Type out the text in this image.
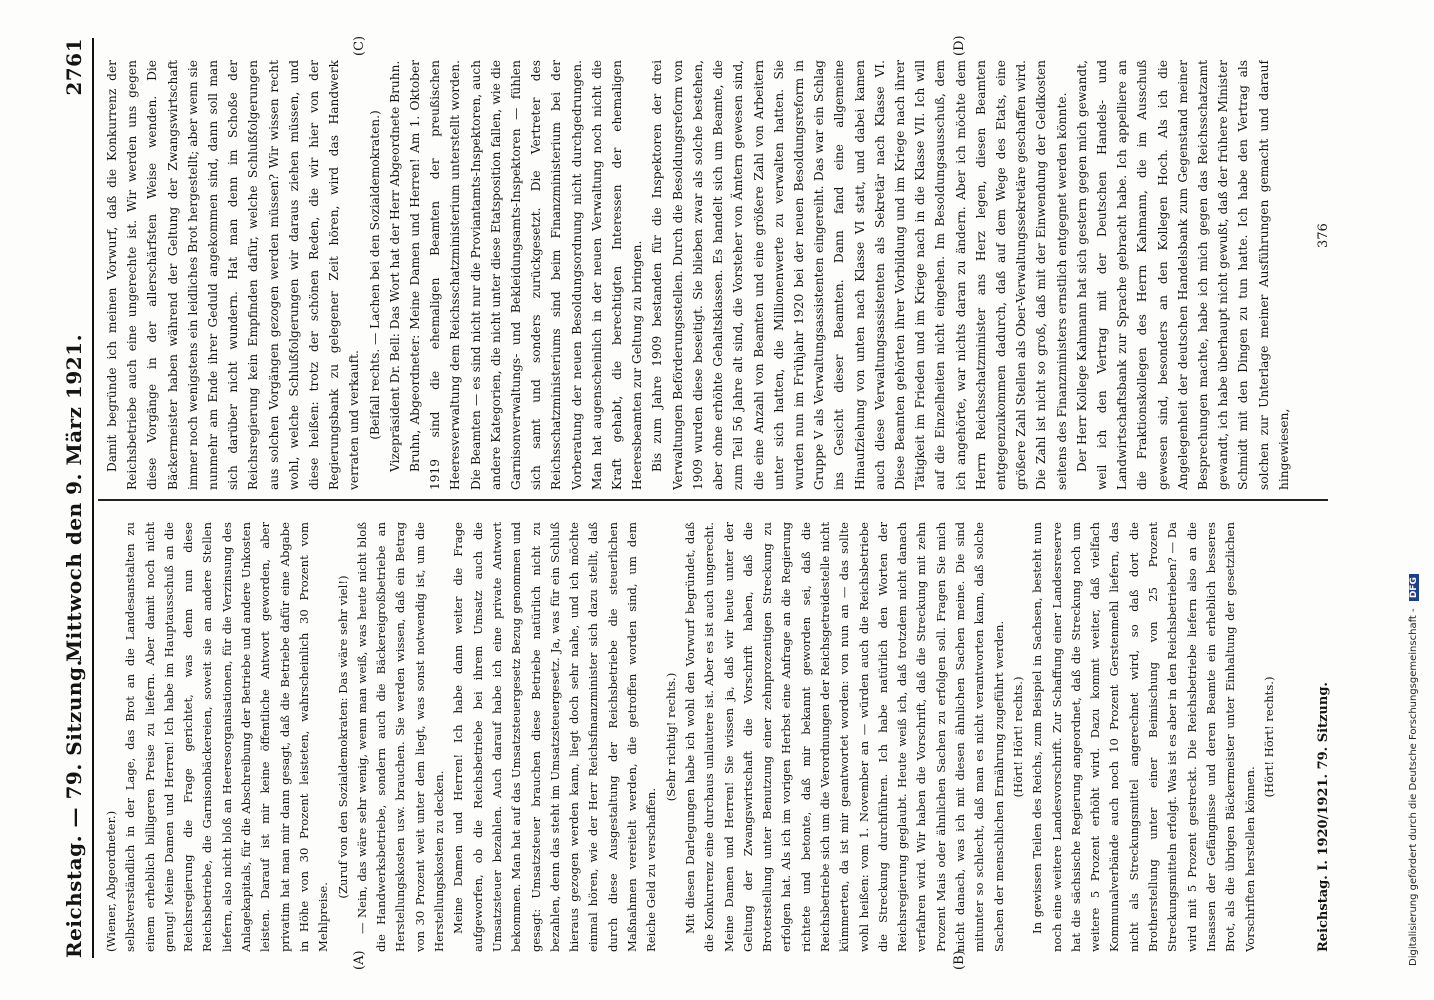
Reichstag. — 79. Sitzung.
Mittwoch den 9. März 1921.
2761
(A)	(B)
(C)	(D)

(Wiener, Abgeordneter.) selbstverständlich in der Lage, das Brot an die Landesanstalten zu einem erheblich billigeren Preise zu liefern. Aber damit noch nicht genug! Meine Damen und Herren! Ich habe im Hauptausschuß an die Reichsregierung die Frage gerichtet, was denn nun diese Reichsbetriebe, die Garnisonbäckereien, soweit sie an andere Stellen liefern, also nicht bloß an Heeresorganisationen, für die Verzinsung des Anlagekapitals, für die Abschreibung der Betriebe und andere Unkosten leisten. Darauf ist mir keine öffentliche Antwort geworden, aber privatim hat man mir dann gesagt, daß die Betriebe dafür eine Abgabe in Höhe von 30 Prozent leisteten, wahrscheinlich 30 Prozent vom Mehlpreise.

(Zuruf von den Sozialdemokraten: Das wäre sehr viel!) — Nein, das wäre sehr wenig, wenn man weiß, was heute nicht bloß die Handwerksbetriebe, sondern auch die Bäckereigroßbetriebe an Herstellungskosten usw. brauchen. Sie werden wissen, daß ein Betrag von 30 Prozent weit unter dem liegt, was sonst notwendig ist, um die Herstellungskosten zu decken. Meine Damen und Herren! Ich habe dann weiter die Frage aufgeworfen, ob die Reichsbetriebe bei ihrem Umsatz auch die Umsatzsteuer bezahlen. Auch darauf habe ich eine private Antwort bekommen. Man hat auf das Umsatzsteuergesetz Bezug genommen und gesagt: Umsatzsteuer brauchen diese Betriebe natürlich nicht zu bezahlen, denn das steht im Umsatzsteuergesetz. Ja, was für ein Schluß hieraus gezogen werden kann, liegt doch sehr nahe, und ich möchte einmal hören, wie der Herr Reichsfinanzminister sich dazu stellt, daß durch diese Ausgestaltung der Reichsbetriebe die steuerlichen Maßnahmen vereitelt werden, die getroffen worden sind, um dem Reiche Geld zu verschaffen.

(Sehr richtig! rechts.) Mit diesen Darlegungen habe ich wohl den Vorwurf begründet, daß die Konkurrenz eine durchaus unlautere ist. Aber es ist auch ungerecht. Meine Damen und Herren! Sie wissen ja, daß wir heute unter der Geltung der Zwangswirtschaft die Vorschrift haben, daß die Broterstellung unter Benutzung einer zehnprozentigen Streckung zu erfolgen hat. Als ich im vorigen Herbst eine Anfrage an die Regierung richtete und betonte, daß mir bekannt geworden sei, daß die Reichsbetriebe sich um die Verordnungen der Reichsgetreidestelle nicht kümmerten, da ist mir geantwortet worden: von nun an — das sollte wohl heißen: vom 1. November an — würden auch die Reichsbetriebe die Streckung durchführen. Ich habe natürlich den Worten der Reichsregierung geglaubt. Heute weiß ich, daß trotzdem nicht danach verfahren wird. Wir haben die Vorschrift, daß die Streckung mit zehn Prozent Mais oder ähnlichen Sachen zu erfolgen soll. Fragen Sie mich nicht danach, was ich mit diesen ähnlichen Sachen meine. Die sind mitunter so schlecht, daß man es nicht verantworten kann, daß solche Sachen der menschlichen Ernährung zugeführt werden. (Hört! Hört! rechts.) In gewissen Teilen des Reichs, zum Beispiel in Sachsen, besteht nun noch eine weitere Landesvorschrift. Zur Schaffung einer Landesreserve hat die sächsische Regierung angeordnet, daß die Streckung noch um weitere 5 Prozent erhöht wird. Dazu kommt weiter, daß vielfach Kommunalverbände auch noch 10 Prozent Gerstenmehl liefern, das nicht als Streckungsmittel angerechnet wird, so daß dort die Brotherstellung unter einer Beimischung von 25 Prozent Streckungsmitteln erfolgt. Was ist es aber in den Reichsbetrieben? — Da wird mit 5 Prozent gestreckt. Die Reichsbetriebe liefern also an die Insassen der Gefängnisse und deren Beamte ein erheblich besseres Brot, als die übrigen Bäckermeister unter Einhaltung der gesetzlichen Vorschriften herstellen können.

(Hört! Hört! rechts.)

Damit begründe ich meinen Vorwurf, daß die Konkurrenz der Reichsbetriebe auch eine ungerechte ist. Wir werden uns gegen diese Vorgänge in der allerschärfsten Weise wenden. Die Bäckermeister haben während der Geltung der Zwangswirtschaft immer noch wenigstens ein leidliches Brot hergestellt; aber wenn sie nunmehr am Ende ihrer Geduld angekommen sind, dann soll man sich darüber nicht wundern. Hat man denn im Schoße der Reichsregierung kein Empfinden dafür, welche Schlußfolgerungen aus solchen Vorgängen gezogen werden müssen? Wir wissen recht wohl, welche Schlußfolgerungen wir daraus ziehen müssen, und diese heißen: trotz der schönen Reden, die wir hier von der Regierungsbank zu gelegener Zeit hören, wird das Handwerk verraten und verkauft. (Beifall rechts. — Lachen bei den Sozialdemokraten.) Vizepräsident Dr. Bell: Das Wort hat der Herr Abgeordnete Bruhn. Bruhn, Abgeordneter: Meine Damen und Herren! Am 1. Oktober 1919 sind die ehemaligen Beamten der preußischen Heeresverwaltung dem Reichsschatzministerium unterstellt worden. Die Beamten — es sind nicht nur die Proviantamts-Inspektoren, auch andere Kategorien, die nicht unter diese Etatsposition fallen, wie die Garnisonverwaltungs- und Bekleidungsamts-Inspektoren — fühlen sich samt und sonders zurückgesetzt. Die Vertreter des Reichsschatzministeriums sind beim Finanzministerium bei der Vorberatung der neuen Besoldungsordnung nicht durchgedrungen. Man hat augenscheinlich in der neuen Verwaltung noch nicht die Kraft gehabt, die berechtigten Interessen der ehemaligen Heeresbeamten zur Geltung zu bringen. Bis zum Jahre 1909 bestanden für die Inspektoren der drei Verwaltungen Beförderungsstellen. Durch die Besoldungsreform von 1909 wurden diese beseitigt. Sie blieben zwar als solche bestehen, aber ohne erhöhte Gehaltsklassen. Es handelt sich um Beamte, die zum Teil 56 Jahre alt sind, die Vorsteher von Ämtern gewesen sind, die eine Anzahl von Beamten und eine größere Zahl von Arbeitern unter sich hatten, die Millionenwerte zu verwalten hatten. Sie wurden nun im Frühjahr 1920 bei der neuen Besoldungsreform in Gruppe V als Verwaltungsassistenten eingereiht. Das war ein Schlag ins Gesicht dieser Beamten. Dann fand eine allgemeine Hinaufziehung von unten nach Klasse VI statt, und dabei kamen auch diese Verwaltungsassistenten als Sekretär nach Klasse VI. Diese Beamten gehörten ihrer Vorbildung und im Kriege nach ihrer Tätigkeit im Frieden und im Kriege nach in die Klasse VII. Ich will auf die Einzelheiten nicht eingehen. Im Besoldungsausschuß, dem ich angehörte, war nichts daran zu ändern. Aber ich möchte dem Herrn Reichsschatzminister ans Herz legen, diesen Beamten entgegenzukommen dadurch, daß auf dem Wege des Etats, eine größere Zahl Stellen als Ober-Verwaltungssekretäre geschaffen wird. Die Zahl ist nicht so groß, daß mit der Einwendung der Geldkosten seitens des Finanzministers ernstlich entgegnet werden könnte. Der Herr Kollege Kahmann hat sich gestern gegen mich gewandt, weil ich den Vertrag mit der Deutschen Handels- und Landwirtschaftsbank zur Sprache gebracht habe. Ich appelliere an die Fraktionskollegen des Herrn Kahmann, die im Ausschuß gewesen sind, besonders an den Kollegen Hoch. Als ich die Angelegenheit der deutschen Handelsbank zum Gegenstand meiner Besprechungen machte, habe ich mich gegen das Reichsschatzamt gewandt, ich habe überhaupt nicht gewußt, daß der frühere Minister Schmidt mit den Dingen zu tun hatte. Ich habe den Vertrag als solchen zur Unterlage meiner Ausführungen gemacht und darauf hingewiesen,

Reichstag. I. 1920/1921. 79. Sitzung.
376
Digitalisierung gefördert durch die Deutsche Forschungsgemeinschaft - DFG
